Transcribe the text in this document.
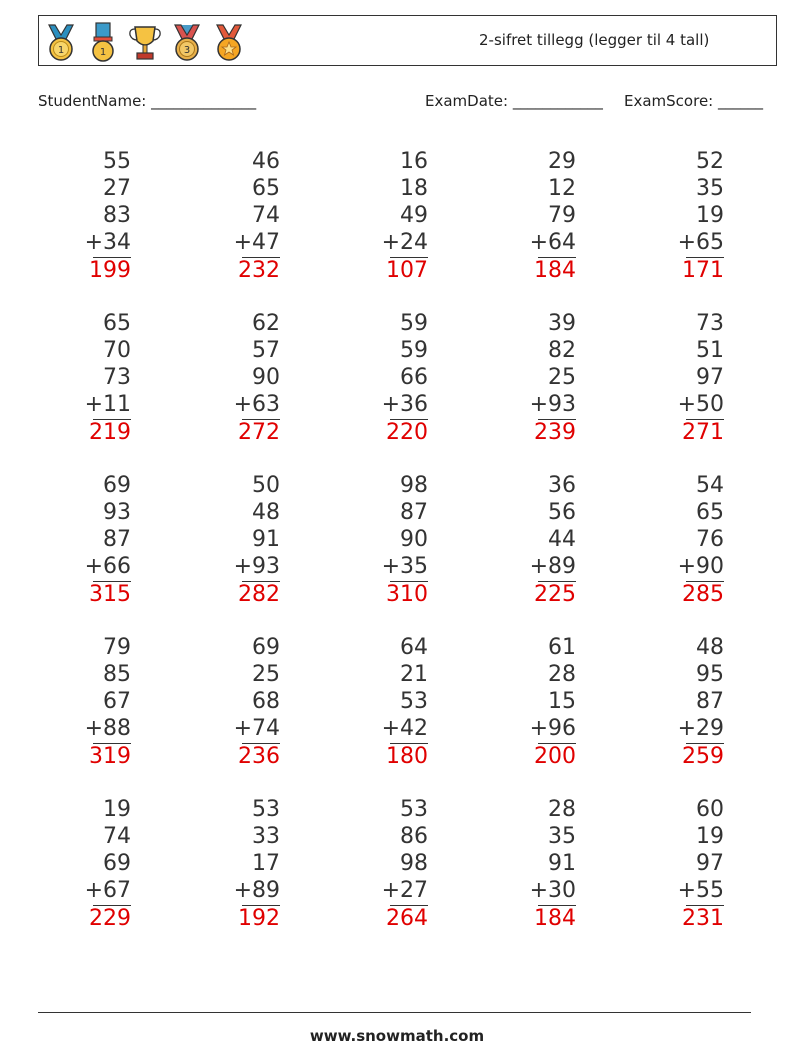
1	1	3
2-sifret tillegg (legger til 4 tall)
StudentName: ______________	ExamDate: ____________ ExamScore: ______
55
27
83
+34
199
46
65
74
+47
232
16
18
49
+24
107
29
12
79
+64
184
52
35
19
+65
171
65
70
73
+11
219
62
57
90
+63
272
59
59
66
+36
220
39
82
25
+93
239
73
51
97
+50
271
69
93
87
+66
315
50
48
91
+93
282
98
87
90
+35
310
36
56
44
+89
225
54
65
76
+90
285
79
85
67
+88
319
69
25
68
+74
236
64
21
53
+42
180
61
28
15
+96
200
48
95
87
+29
259
19
74
69
+67
229
53
33
17
+89
192
53
86
98
+27
264
28
35
91
+30
184
60
19
97
+55
231
www.snowmath.com
